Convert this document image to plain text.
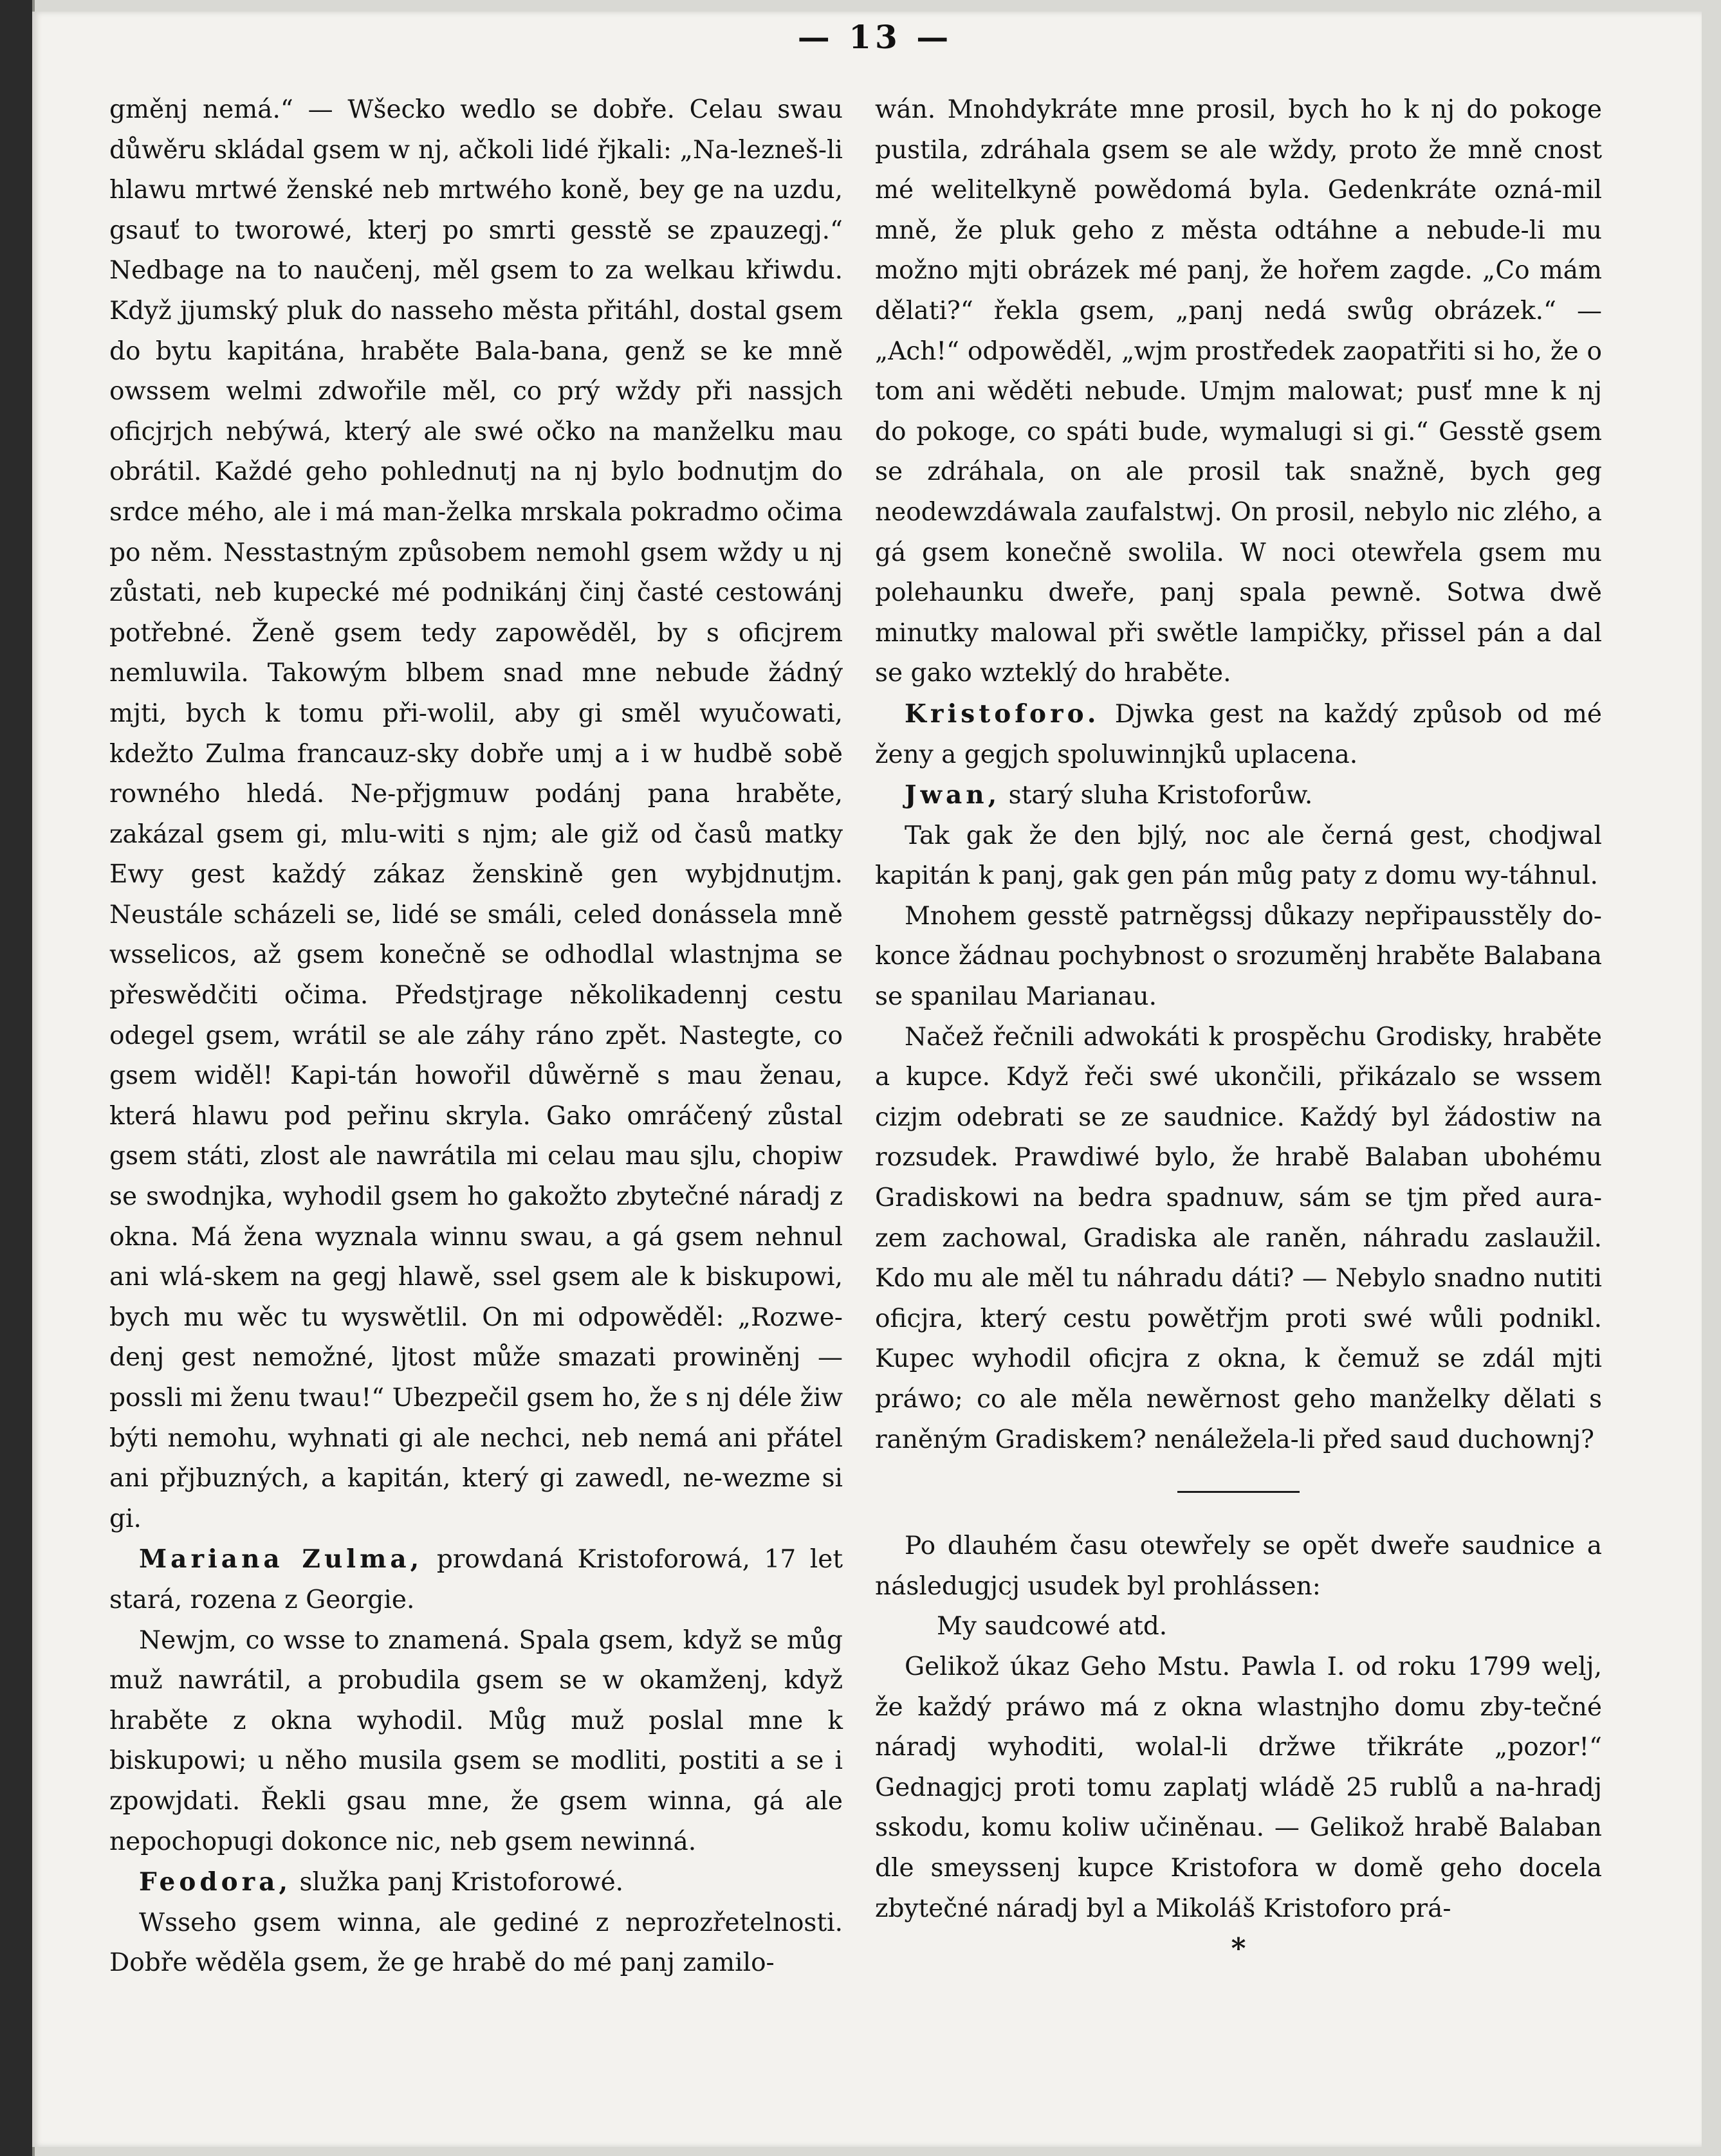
— 13 —

gměnj nemá.“ — Wšecko wedlo se dobře. Celau swau důwěru skládal gsem w nj, ačkoli lidé řjkali: „Na-lezneš-li hlawu mrtwé ženské neb mrtwého koně, bey ge na uzdu, gsauť to tworowé, kterj po smrti gesstě se zpauzegj.“ Nedbage na to naučenj, měl gsem to za welkau křiwdu. Když jjumský pluk do nasseho města přitáhl, dostal gsem do bytu kapitána, hraběte Bala-bana, genž se ke mně owssem welmi zdwořile měl, co prý wždy při nassjch oficjrjch nebýwá, který ale swé očko na manželku mau obrátil. Každé geho pohlednutj na nj bylo bodnutjm do srdce mého, ale i má man-želka mrskala pokradmo očima po něm. Nesstastným způsobem nemohl gsem wždy u nj zůstati, neb kupecké mé podnikánj činj časté cestowánj potřebné. Ženě gsem tedy zapowěděl, by s oficjrem nemluwila. Takowým blbem snad mne nebude žádný mjti, bych k tomu při-wolil, aby gi směl wyučowati, kdežto Zulma francauz-sky dobře umj a i w hudbě sobě rowného hledá. Ne-přjgmuw podánj pana hraběte, zakázal gsem gi, mlu-witi s njm; ale giž od časů matky Ewy gest každý zákaz ženskině gen wybjdnutjm. Neustále scházeli se, lidé se smáli, celed donássela mně wsselicos, až gsem konečně se odhodlal wlastnjma se přeswědčiti očima. Předstjrage několikadennj cestu odegel gsem, wrátil se ale záhy ráno zpět. Nastegte, co gsem widěl! Kapi-tán howořil důwěrně s mau ženau, která hlawu pod peřinu skryla. Gako omráčený zůstal gsem státi, zlost ale nawrátila mi celau mau sjlu, chopiw se swodnjka, wyhodil gsem ho gakožto zbytečné náradj z okna. Má žena wyznala winnu swau, a gá gsem nehnul ani wlá-skem na gegj hlawě, ssel gsem ale k biskupowi, bych mu wěc tu wyswětlil. On mi odpowěděl: „Rozwe-denj gest nemožné, ljtost může smazati prowiněnj — possli mi ženu twau!“ Ubezpečil gsem ho, že s nj déle žiw býti nemohu, wyhnati gi ale nechci, neb nemá ani přátel ani přjbuzných, a kapitán, který gi zawedl, ne-wezme si gi.

Mariana Zulma, prowdaná Kristoforowá, 17 let stará, rozena z Georgie.

Newjm, co wsse to znamená. Spala gsem, když se můg muž nawrátil, a probudila gsem se w okamženj, když hraběte z okna wyhodil. Můg muž poslal mne k biskupowi; u něho musila gsem se modliti, postiti a se i zpowjdati. Řekli gsau mne, že gsem winna, gá ale nepochopugi dokonce nic, neb gsem newinná.

Feodora, služka panj Kristoforowé.

Wsseho gsem winna, ale gediné z neprozřetelnosti. Dobře wěděla gsem, že ge hrabě do mé panj zamilo-

wán. Mnohdykráte mne prosil, bych ho k nj do pokoge pustila, zdráhala gsem se ale wždy, proto že mně cnost mé welitelkyně powědomá byla. Gedenkráte ozná-mil mně, že pluk geho z města odtáhne a nebude-li mu možno mjti obrázek mé panj, že hořem zagde. „Co mám dělati?“ řekla gsem, „panj nedá swůg obrázek.“ — „Ach!“ odpowěděl, „wjm prostředek zaopatřiti si ho, že o tom ani wěděti nebude. Umjm malowat; pusť mne k nj do pokoge, co spáti bude, wymalugi si gi.“ Gesstě gsem se zdráhala, on ale prosil tak snažně, bych geg neodewzdáwala zaufalstwj. On prosil, nebylo nic zlého, a gá gsem konečně swolila. W noci otewřela gsem mu polehaunku dweře, panj spala pewně. Sotwa dwě minutky malowal při swětle lampičky, přissel pán a dal se gako wzteklý do hraběte.

Kristoforo. Djwka gest na každý způsob od mé ženy a gegjch spoluwinnjků uplacena.

Jwan, starý sluha Kristoforůw.

Tak gak že den bjlý, noc ale černá gest, chodjwal kapitán k panj, gak gen pán můg paty z domu wy-táhnul.

Mnohem gesstě patrněgssj důkazy nepřipausstěly do-konce žádnau pochybnost o srozuměnj hraběte Balabana se spanilau Marianau.

Načež řečnili adwokáti k prospěchu Grodisky, hraběte a kupce. Když řeči swé ukončili, přikázalo se wssem cizjm odebrati se ze saudnice. Každý byl žádostiw na rozsudek. Prawdiwé bylo, že hrabě Balaban ubohému Gradiskowi na bedra spadnuw, sám se tjm před aura-zem zachowal, Gradiska ale raněn, náhradu zaslaužil. Kdo mu ale měl tu náhradu dáti? — Nebylo snadno nutiti oficjra, který cestu powětřjm proti swé wůli podnikl. Kupec wyhodil oficjra z okna, k čemuž se zdál mjti práwo; co ale měla newěrnost geho manželky dělati s raněným Gradiskem? nenáležela-li před saud duchownj?

Po dlauhém času otewřely se opět dweře saudnice a následugjcj usudek byl prohlássen:

My saudcowé atd.

Gelikož úkaz Geho Mstu. Pawla I. od roku 1799 welj, že každý práwo má z okna wlastnjho domu zby-tečné náradj wyhoditi, wolal-li držwe třikráte „pozor!“ Gednagjcj proti tomu zaplatj wládě 25 rublů a na-hradj sskodu, komu koliw učiněnau. — Gelikož hrabě Balaban dle smeyssenj kupce Kristofora w domě geho docela zbytečné náradj byl a Mikoláš Kristoforo prá-

*
